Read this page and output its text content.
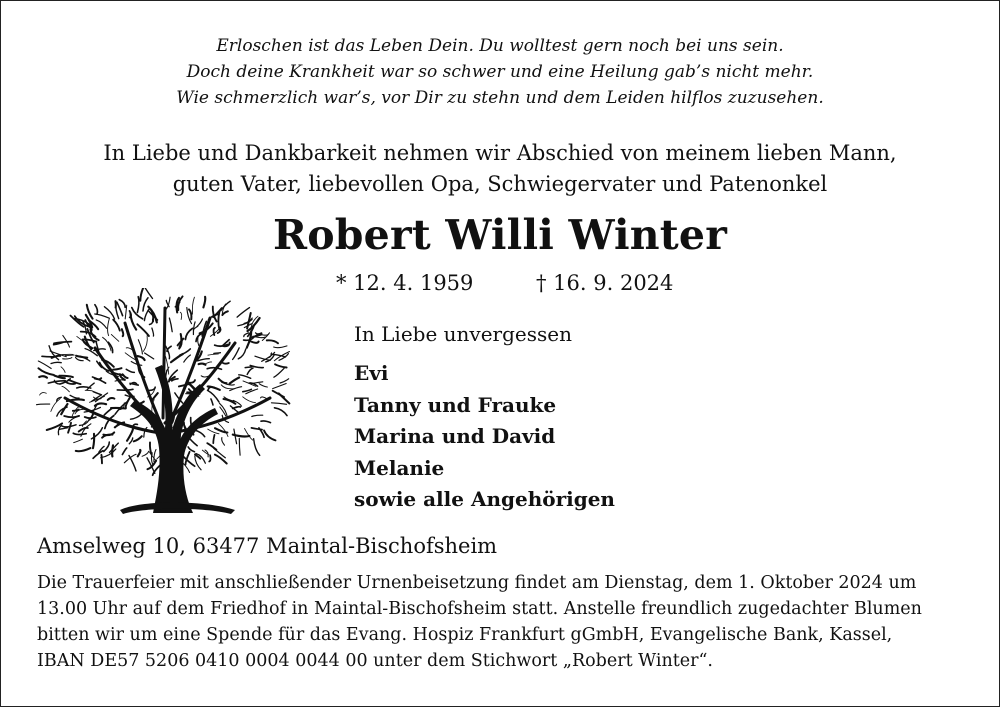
Erloschen ist das Leben Dein. Du wolltest gern noch bei uns sein.
Doch deine Krankheit war so schwer und eine Heilung gab’s nicht mehr.
Wie schmerzlich war’s, vor Dir zu stehn und dem Leiden hilflos zuzusehen.
In Liebe und Dankbarkeit nehmen wir Abschied von meinem lieben Mann,
guten Vater, liebevollen Opa, Schwiegervater und Patenonkel
Robert Willi Winter
* 12. 4. 1959	† 16. 9. 2024
In Liebe unvergessen
Evi
Tanny und Frauke
Marina und David
Melanie
sowie alle Angehörigen
Amselweg 10, 63477 Maintal-Bischofsheim
Die Trauerfeier mit anschließender Urnenbeisetzung findet am Dienstag, dem 1. Oktober 2024 um
13.00 Uhr auf dem Friedhof in Maintal-Bischofsheim statt. Anstelle freundlich zugedachter Blumen
bitten wir um eine Spende für das Evang. Hospiz Frankfurt gGmbH, Evangelische Bank, Kassel,
IBAN DE57 5206 0410 0004 0044 00 unter dem Stichwort „Robert Winter“.
